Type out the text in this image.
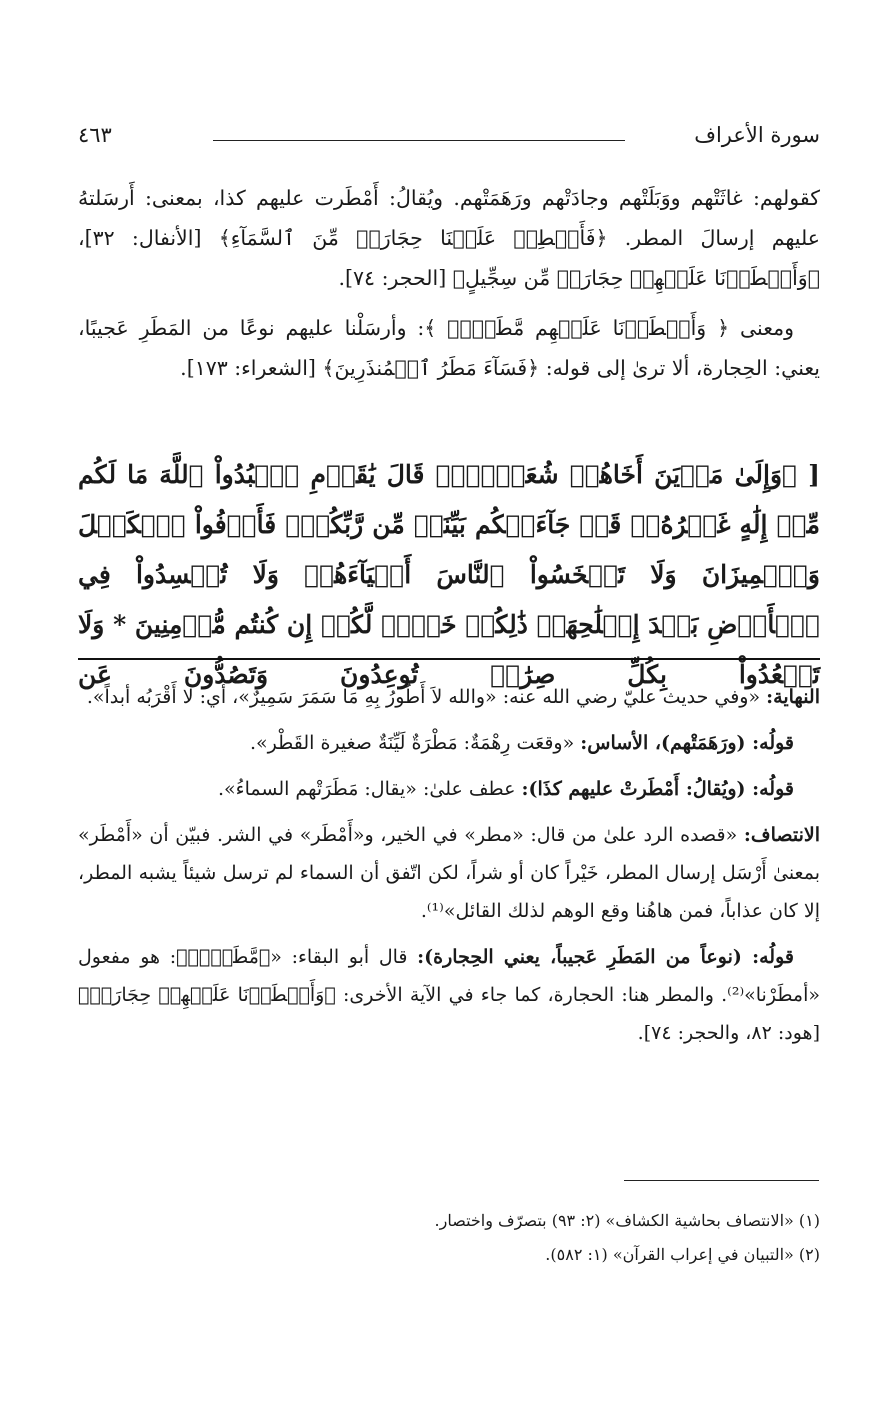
سورة الأعراف
٤٦٣

كقولهم: غاثَتْهم ووَبَلَتْهم وجادَتْهم ورَهَمَتْهم. ويُقالُ: أَمْطَرت عليهم كذا، بمعنى: أَرسَلتهُ عليهم إرسالَ المطر. ﴿فَأَمۡطِرۡ عَلَيۡنَا حِجَارَةࣰ مِّنَ ٱلسَّمَآءِ﴾ [الأنفال: ٣٢]، ﴿وَأَمۡطَرۡنَا عَلَيۡهِمۡ حِجَارَةࣰ مِّن سِجِّيلٍ﴾ [الحجر: ٧٤].

ومعنى ﴿ وَأَمۡطَرۡنَا عَلَيۡهِم مَّطَرࣰاۖ ﴾: وأرسَلْنا عليهم نوعًا من المَطَرِ عَجيبًا، يعني: الحِجارة، ألا ترىٰ إلى قوله: ﴿فَسَآءَ مَطَرُ ٱلۡمُنذَرِينَ﴾ [الشعراء: ١٧٣].

[ ﴿وَإِلَىٰ مَدۡيَنَ أَخَاهُمۡ شُعَيۡبࣰاۚ قَالَ يَٰقَوۡمِ ٱعۡبُدُواْ ٱللَّهَ مَا لَكُم مِّنۡ إِلَٰهٍ غَيۡرُهُۥۖ قَدۡ جَآءَتۡكُم بَيِّنَةࣱ مِّن رَّبِّكُمۡۖ فَأَوۡفُواْ ٱلۡكَيۡلَ وَٱلۡمِيزَانَ وَلَا تَبۡخَسُواْ ٱلنَّاسَ أَشۡيَآءَهُمۡ وَلَا تُفۡسِدُواْ فِي ٱلۡأَرۡضِ بَعۡدَ إِصۡلَٰحِهَاۚ ذَٰلِكُمۡ خَيۡرࣱ لَّكُمۡ إِن كُنتُم مُّؤۡمِنِينَ * وَلَا تَقۡعُدُواْ بِكُلِّ صِرَٰطࣲ تُوعِدُونَ وَتَصُدُّونَ عَن

النهاية: «وفي حديث عليّ رضي الله عنه: «والله لاَ أَطُورُ بِهِ مَا سَمَرَ سَمِيرٌ»، أي: لا أَقْرَبُه أبداً».

قولُه: (ورَهَمَتْهم)، الأساس: «وقعَت رِهْمَةٌ: مَطْرَةٌ لَيِّنَةٌ صغيرة القَطْر».

قولُه: (ويُقالُ: أَمْطَرتْ عليهم كذَا): عطف علىٰ: «يقال: مَطَرَتْهم السماءُ».

الانتصاف: «قصده الرد علىٰ من قال: «مطر» في الخير، و«أَمْطَر» في الشر. فبيّن أن «أَمْطَر» بمعنىٰ أَرْسَل إرسال المطر، خَيْراً كان أو شراً، لكن اتّفق أن السماء لم ترسل شيئاً يشبه المطر، إلا كان عذاباً، فمن هاهُنا وقع الوهم لذلك القائل»⁽¹⁾.

قولُه: (نوعاً من المَطَرِ عَجيباً، يعني الحِجارة): قال أبو البقاء: «﴿مَّطَرࣰاۖ﴾: هو مفعول «أمطَرْنا»⁽²⁾. والمطر هنا: الحجارة، كما جاء في الآية الأخرى: ﴿وَأَمۡطَرۡنَا عَلَيۡهِمۡ حِجَارَةࣰ﴾ [هود: ٨٢، والحجر: ٧٤].

(١) «الانتصاف بحاشية الكشاف» (٢: ٩٣) بتصرّف واختصار.

(٢) «التبيان في إعراب القرآن» (١: ٥٨٢).
